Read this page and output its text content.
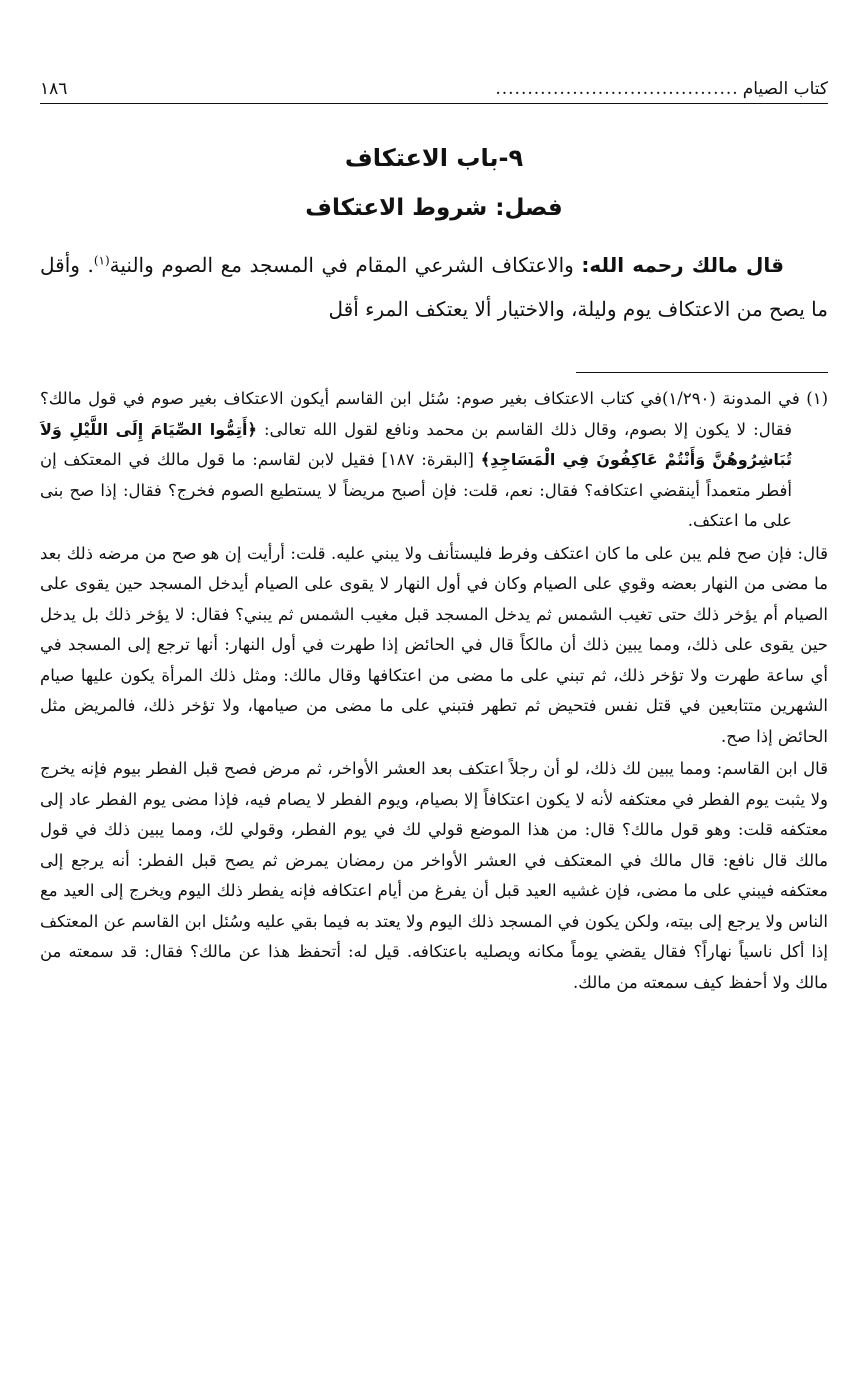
كتاب الصيام
......................................
١٨٦
٩-باب الاعتكاف
فصل: شروط الاعتكاف
قال مالك رحمه الله: والاعتكاف الشرعي المقام في المسجد مع الصوم والنية$^{(١)}$. وأقل ما يصح من الاعتكاف يوم وليلة، والاختيار ألا يعتكف المرء أقل

(١) في المدونة (١/٢٩٠)في كتاب الاعتكاف بغير صوم: سُئل ابن القاسم أيكون الاعتكاف بغير صوم في قول مالك؟ فقال: لا يكون إلا بصوم، وقال ذلك القاسم بن محمد ونافع لقول الله تعالى: ﴿أَتِمُّوا الصِّيَامَ إِلَى اللَّيْلِ وَلاَ تُبَاشِرُوهُنَّ وَأَنْتُمْ عَاكِفُونَ فِي الْمَسَاجِدِ﴾ [البقرة: ١٨٧] فقيل لابن لقاسم: ما قول مالك في المعتكف إن أفطر متعمداً أينقضي اعتكافه؟ فقال: نعم، قلت: فإن أصبح مريضاً لا يستطيع الصوم فخرج؟ فقال: إذا صح بنى على ما اعتكف.

قال: فإن صح فلم يبن على ما كان اعتكف وفرط فليستأنف ولا يبني عليه. قلت: أرأيت إن هو صح من مرضه ذلك بعد ما مضى من النهار بعضه وقوي على الصيام وكان في أول النهار لا يقوى على الصيام أيدخل المسجد حين يقوى على الصيام أم يؤخر ذلك حتى تغيب الشمس ثم يدخل المسجد قبل مغيب الشمس ثم يبني؟ فقال: لا يؤخر ذلك بل يدخل حين يقوى على ذلك، ومما يبين ذلك أن مالكاً قال في الحائض إذا طهرت في أول النهار: أنها ترجع إلى المسجد في أي ساعة طهرت ولا تؤخر ذلك، ثم تبني على ما مضى من اعتكافها وقال مالك: ومثل ذلك المرأة يكون عليها صيام الشهرين متتابعين في قتل نفس فتحيض ثم تطهر فتبني على ما مضى من صيامها، ولا تؤخر ذلك، فالمريض مثل الحائض إذا صح.

قال ابن القاسم: ومما يبين لك ذلك، لو أن رجلاً اعتكف بعد العشر الأواخر، ثم مرض فصح قبل الفطر بيوم فإنه يخرج ولا يثبت يوم الفطر في معتكفه لأنه لا يكون اعتكافاً إلا بصيام، ويوم الفطر لا يصام فيه، فإذا مضى يوم الفطر عاد إلى معتكفه قلت: وهو قول مالك؟ قال: من هذا الموضع قولي لك في يوم الفطر، وقولي لك، ومما يبين ذلك في قول مالك قال نافع: قال مالك في المعتكف في العشر الأواخر من رمضان يمرض ثم يصح قبل الفطر: أنه يرجع إلى معتكفه فيبني على ما مضى، فإن غشيه العيد قبل أن يفرغ من أيام اعتكافه فإنه يفطر ذلك اليوم ويخرج إلى العيد مع الناس ولا يرجع إلى بيته، ولكن يكون في المسجد ذلك اليوم ولا يعتد به فيما بقي عليه وسُئل ابن القاسم عن المعتكف إذا أكل ناسياً نهاراً؟ فقال يقضي يوماً مكانه ويصليه باعتكافه. قيل له: أتحفظ هذا عن مالك؟ فقال: قد سمعته من مالك ولا أحفظ كيف سمعته من مالك.
